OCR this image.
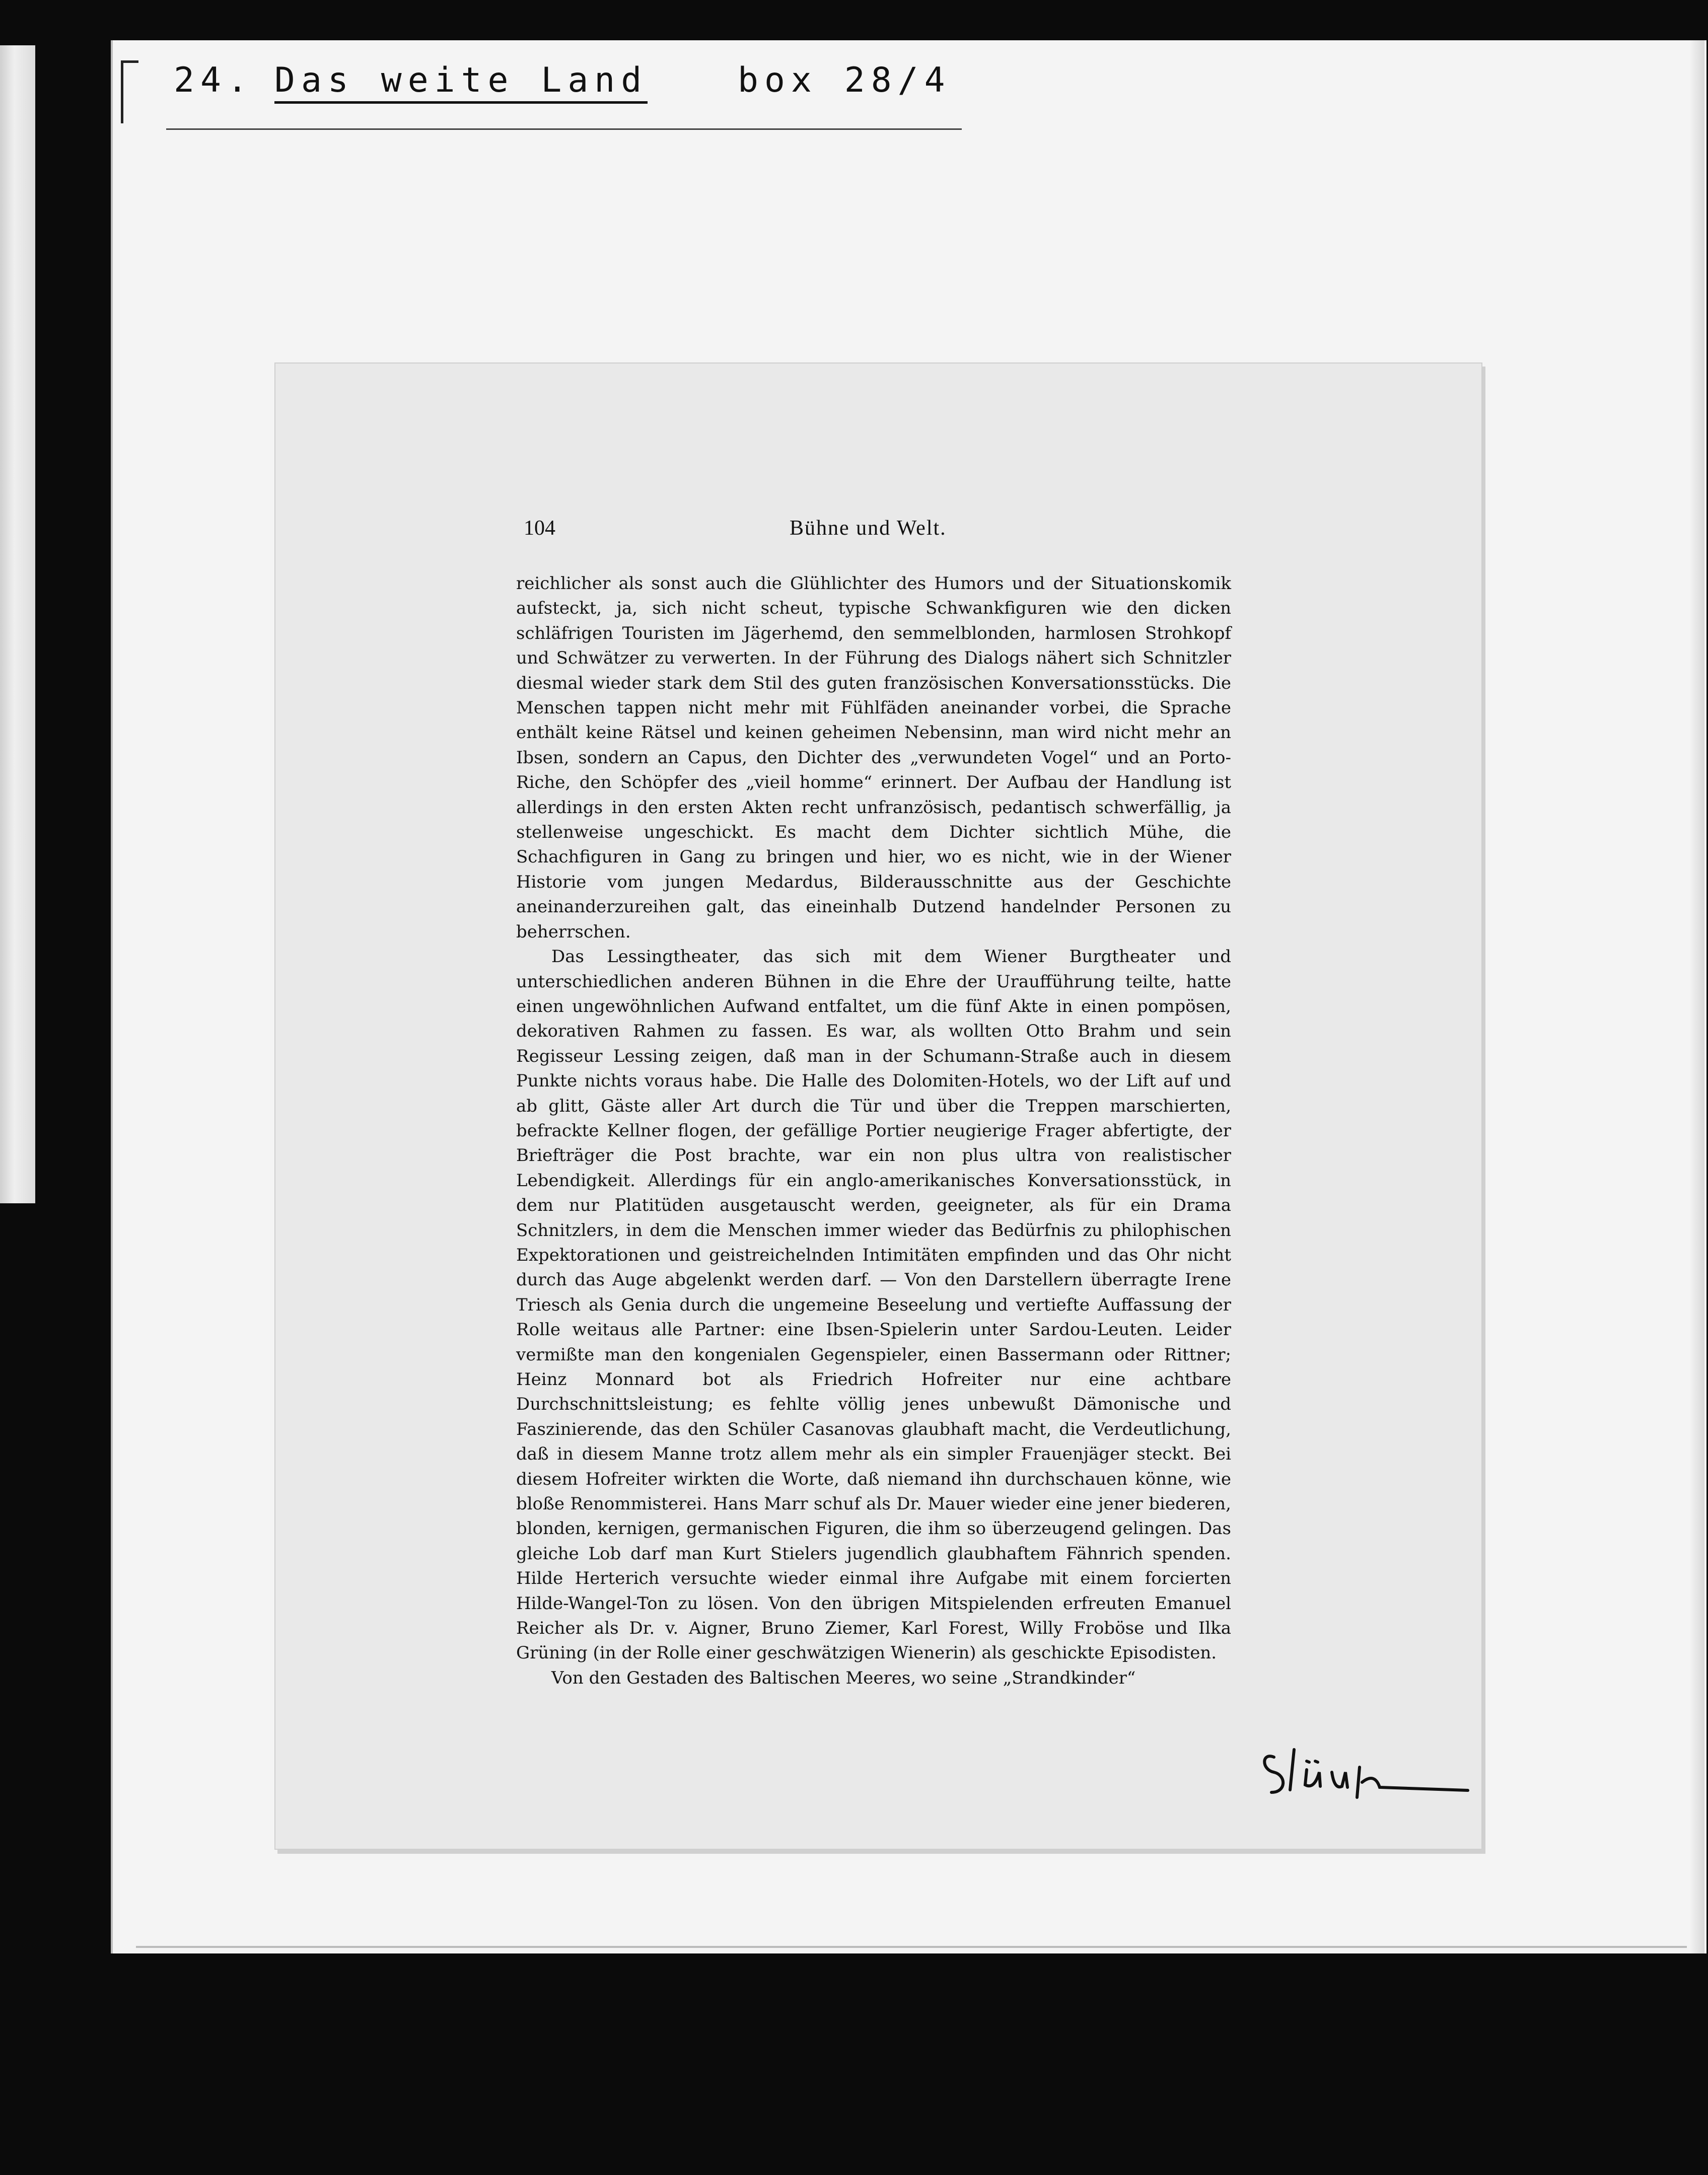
24. Das weite Land	box 28/4
104	Bühne und Welt.

reichlicher als sonst auch die Glühlichter des Humors und der Situationskomik aufsteckt, ja, sich nicht scheut, typische Schwankfiguren wie den dicken schläfrigen Touristen im Jägerhemd, den semmelblonden, harmlosen Strohkopf und Schwätzer zu verwerten. In der Führung des Dialogs nähert sich Schnitzler diesmal wieder stark dem Stil des guten französischen Konversationsstücks. Die Menschen tappen nicht mehr mit Fühlfäden aneinander vorbei, die Sprache enthält keine Rätsel und keinen geheimen Nebensinn, man wird nicht mehr an Ibsen, sondern an Capus, den Dichter des „verwundeten Vogel“ und an Porto-Riche, den Schöpfer des „vieil homme“ erinnert. Der Aufbau der Handlung ist allerdings in den ersten Akten recht unfranzösisch, pedantisch schwerfällig, ja stellenweise ungeschickt. Es macht dem Dichter sichtlich Mühe, die Schachfiguren in Gang zu bringen und hier, wo es nicht, wie in der Wiener Historie vom jungen Medardus, Bilderausschnitte aus der Geschichte aneinanderzureihen galt, das eineinhalb Dutzend handelnder Personen zu beherrschen.

Das Lessingtheater, das sich mit dem Wiener Burgtheater und unterschiedlichen anderen Bühnen in die Ehre der Uraufführung teilte, hatte einen ungewöhnlichen Aufwand entfaltet, um die fünf Akte in einen pompösen, dekorativen Rahmen zu fassen. Es war, als wollten Otto Brahm und sein Regisseur Lessing zeigen, daß man in der Schumann-Straße auch in diesem Punkte nichts voraus habe. Die Halle des Dolomiten-Hotels, wo der Lift auf und ab glitt, Gäste aller Art durch die Tür und über die Treppen marschierten, befrackte Kellner flogen, der gefällige Portier neugierige Frager abfertigte, der Briefträger die Post brachte, war ein non plus ultra von realistischer Lebendigkeit. Allerdings für ein anglo-amerikanisches Konversationsstück, in dem nur Platitüden ausgetauscht werden, geeigneter, als für ein Drama Schnitzlers, in dem die Menschen immer wieder das Bedürfnis zu philophischen Expektorationen und geistreichelnden Intimitäten empfinden und das Ohr nicht durch das Auge abgelenkt werden darf. — Von den Darstellern überragte Irene Triesch als Genia durch die ungemeine Beseelung und vertiefte Auffassung der Rolle weitaus alle Partner: eine Ibsen-Spielerin unter Sardou-Leuten. Leider vermißte man den kongenialen Gegenspieler, einen Bassermann oder Rittner; Heinz Monnard bot als Friedrich Hofreiter nur eine achtbare Durchschnittsleistung; es fehlte völlig jenes unbewußt Dämonische und Faszinierende, das den Schüler Casanovas glaubhaft macht, die Verdeutlichung, daß in diesem Manne trotz allem mehr als ein simpler Frauenjäger steckt. Bei diesem Hofreiter wirkten die Worte, daß niemand ihn durchschauen könne, wie bloße Renommisterei. Hans Marr schuf als Dr. Mauer wieder eine jener biederen, blonden, kernigen, germanischen Figuren, die ihm so überzeugend gelingen. Das gleiche Lob darf man Kurt Stielers jugendlich glaubhaftem Fähnrich spenden. Hilde Herterich versuchte wieder einmal ihre Aufgabe mit einem forcierten Hilde-Wangel-Ton zu lösen. Von den übrigen Mitspielenden erfreuten Emanuel Reicher als Dr. v. Aigner, Bruno Ziemer, Karl Forest, Willy Froböse und Ilka Grüning (in der Rolle einer geschwätzigen Wienerin) als geschickte Episodisten.

Von den Gestaden des Baltischen Meeres, wo seine „Strandkinder“
